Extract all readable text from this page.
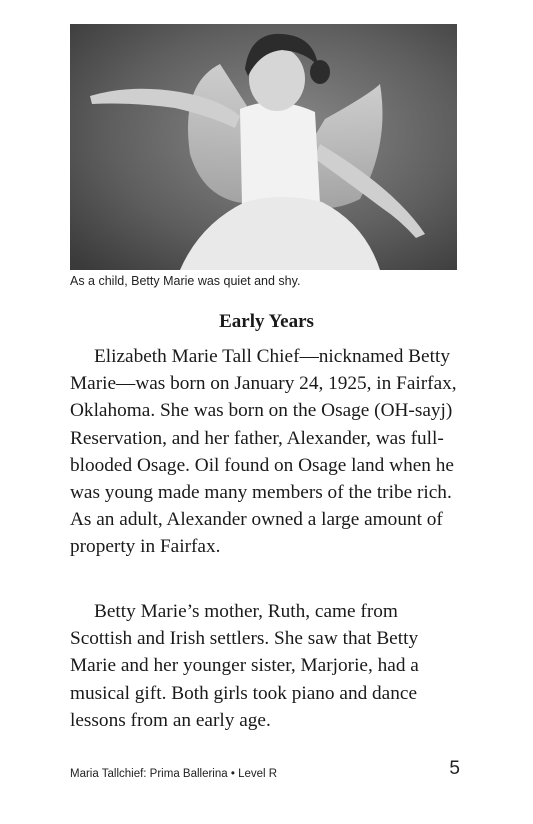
As a child, Betty Marie was quiet and shy.
Early Years

Elizabeth Marie Tall Chief—nicknamed Betty Marie—was born on January 24, 1925, in Fairfax, Oklahoma. She was born on the Osage (OH-sayj) Reservation, and her father, Alexander, was full-blooded Osage. Oil found on Osage land when he was young made many members of the tribe rich. As an adult, Alexander owned a large amount of property in Fairfax.

Betty Marie’s mother, Ruth, came from Scottish and Irish settlers. She saw that Betty Marie and her younger sister, Marjorie, had a musical gift. Both girls took piano and dance lessons from an early age.

Maria Tallchief: Prima Ballerina • Level R	5
